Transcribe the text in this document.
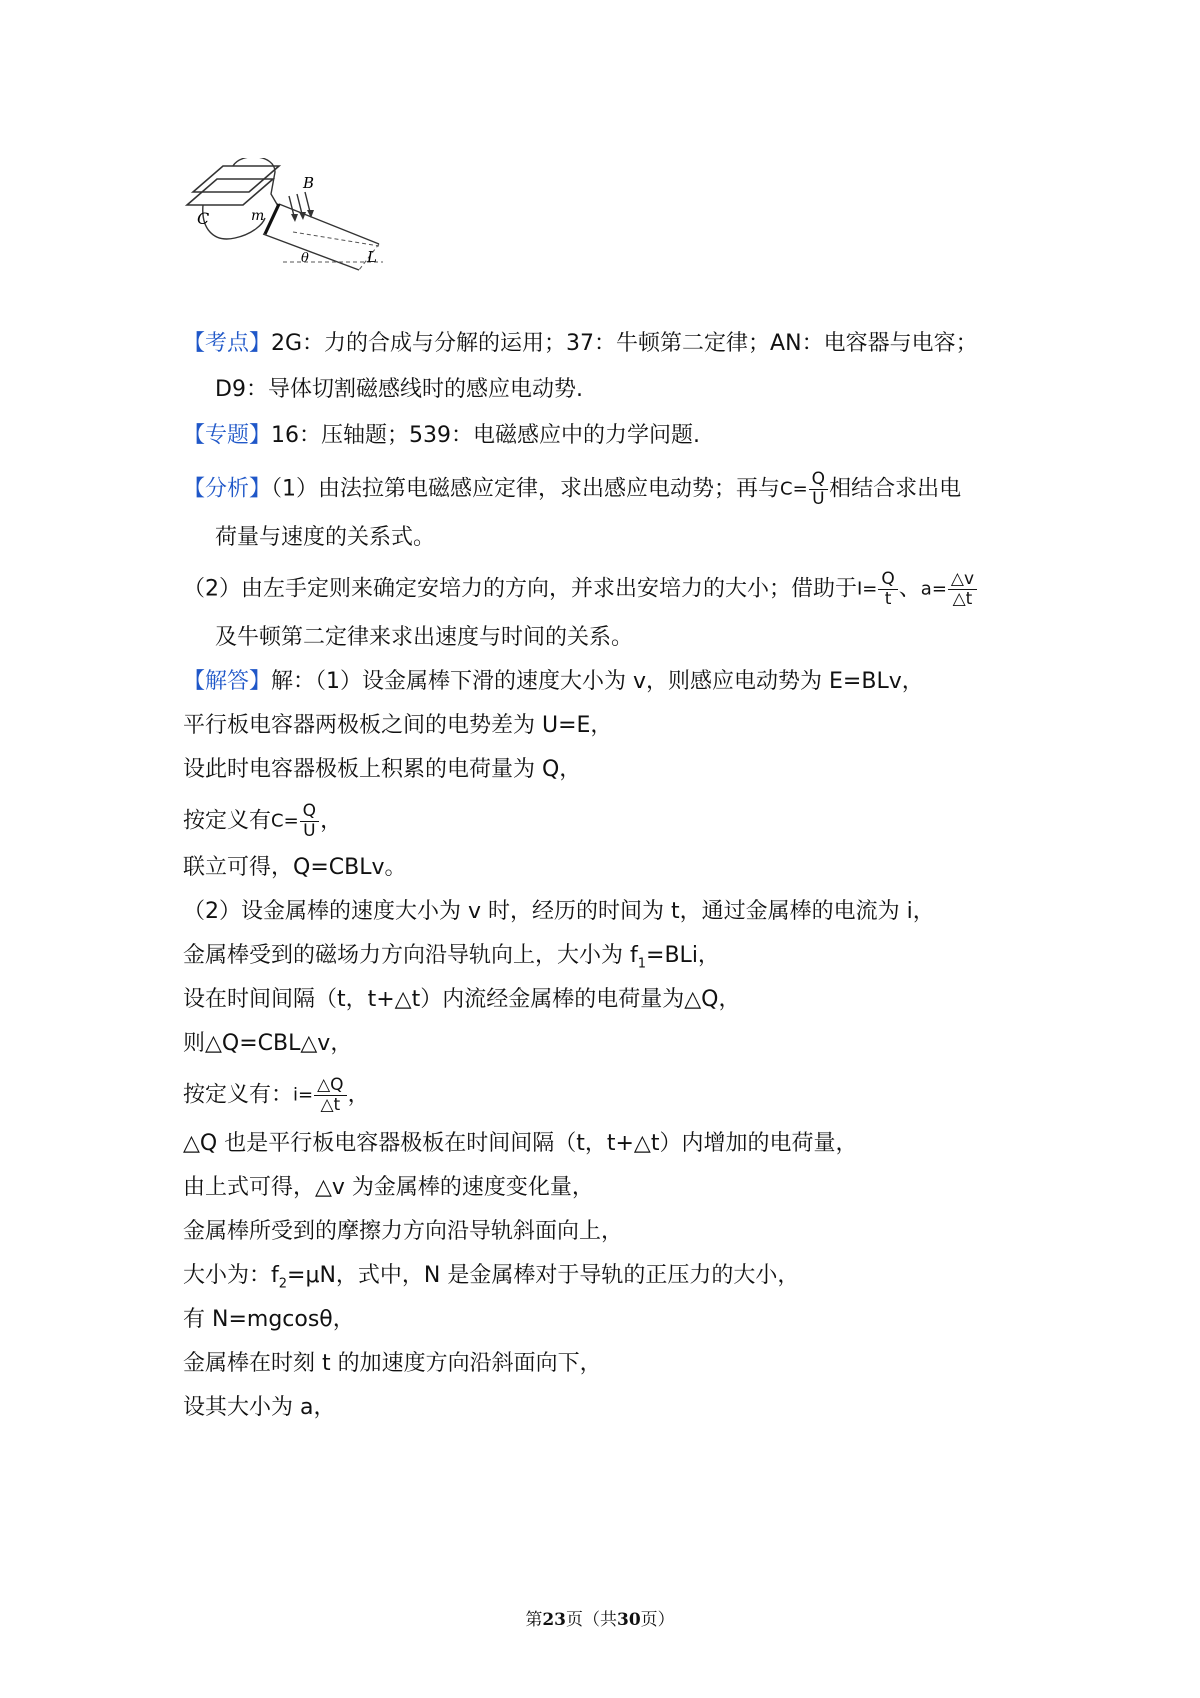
C	m
B
θ	L
【考点】2G：力的合成与分解的运用；37：牛顿第二定律；AN：电容器与电容；
D9：导体切割磁感线时的感应电动势.
【专题】16：压轴题；539：电磁感应中的力学问题.
【分析】（1）由法拉第电磁感应定律，求出感应电动势；再与$C= \frac{Q}{U}$ 相结合求出电
荷量与速度的关系式。
（2）由左手定则来确定安培力的方向，并求出安培力的大小；借助于$I= \frac{Q}{t}$ 、$a= \frac{\triangle v}{\triangle t}$
及牛顿第二定律来求出速度与时间的关系。
【解答】解：（1）设金属棒下滑的速度大小为 v，则感应电动势为 E=BLv，
平行板电容器两极板之间的电势差为 U=E，
设此时电容器极板上积累的电荷量为 Q，
按定义有$C= \frac{Q}{U}$ ，
联立可得，Q=CBLv。
（2）设金属棒的速度大小为 v 时，经历的时间为 t，通过金属棒的电流为 i，
金属棒受到的磁场力方向沿导轨向上，大小为 $f_1=BLi$，
设在时间间隔（t，t+△t）内流经金属棒的电荷量为△Q，
则△Q=CBL△v，
按定义有：$i= \frac{\triangle Q}{\triangle t}$ ，
△Q 也是平行板电容器极板在时间间隔（t，t+△t）内增加的电荷量，
由上式可得，△v 为金属棒的速度变化量，
金属棒所受到的摩擦力方向沿导轨斜面向上，
大小为：$f_2=\mu N$，式中，N 是金属棒对于导轨的正压力的大小，
有 N=mgcosθ，
金属棒在时刻 t 的加速度方向沿斜面向下，
设其大小为 a，
第23页（共30页）
